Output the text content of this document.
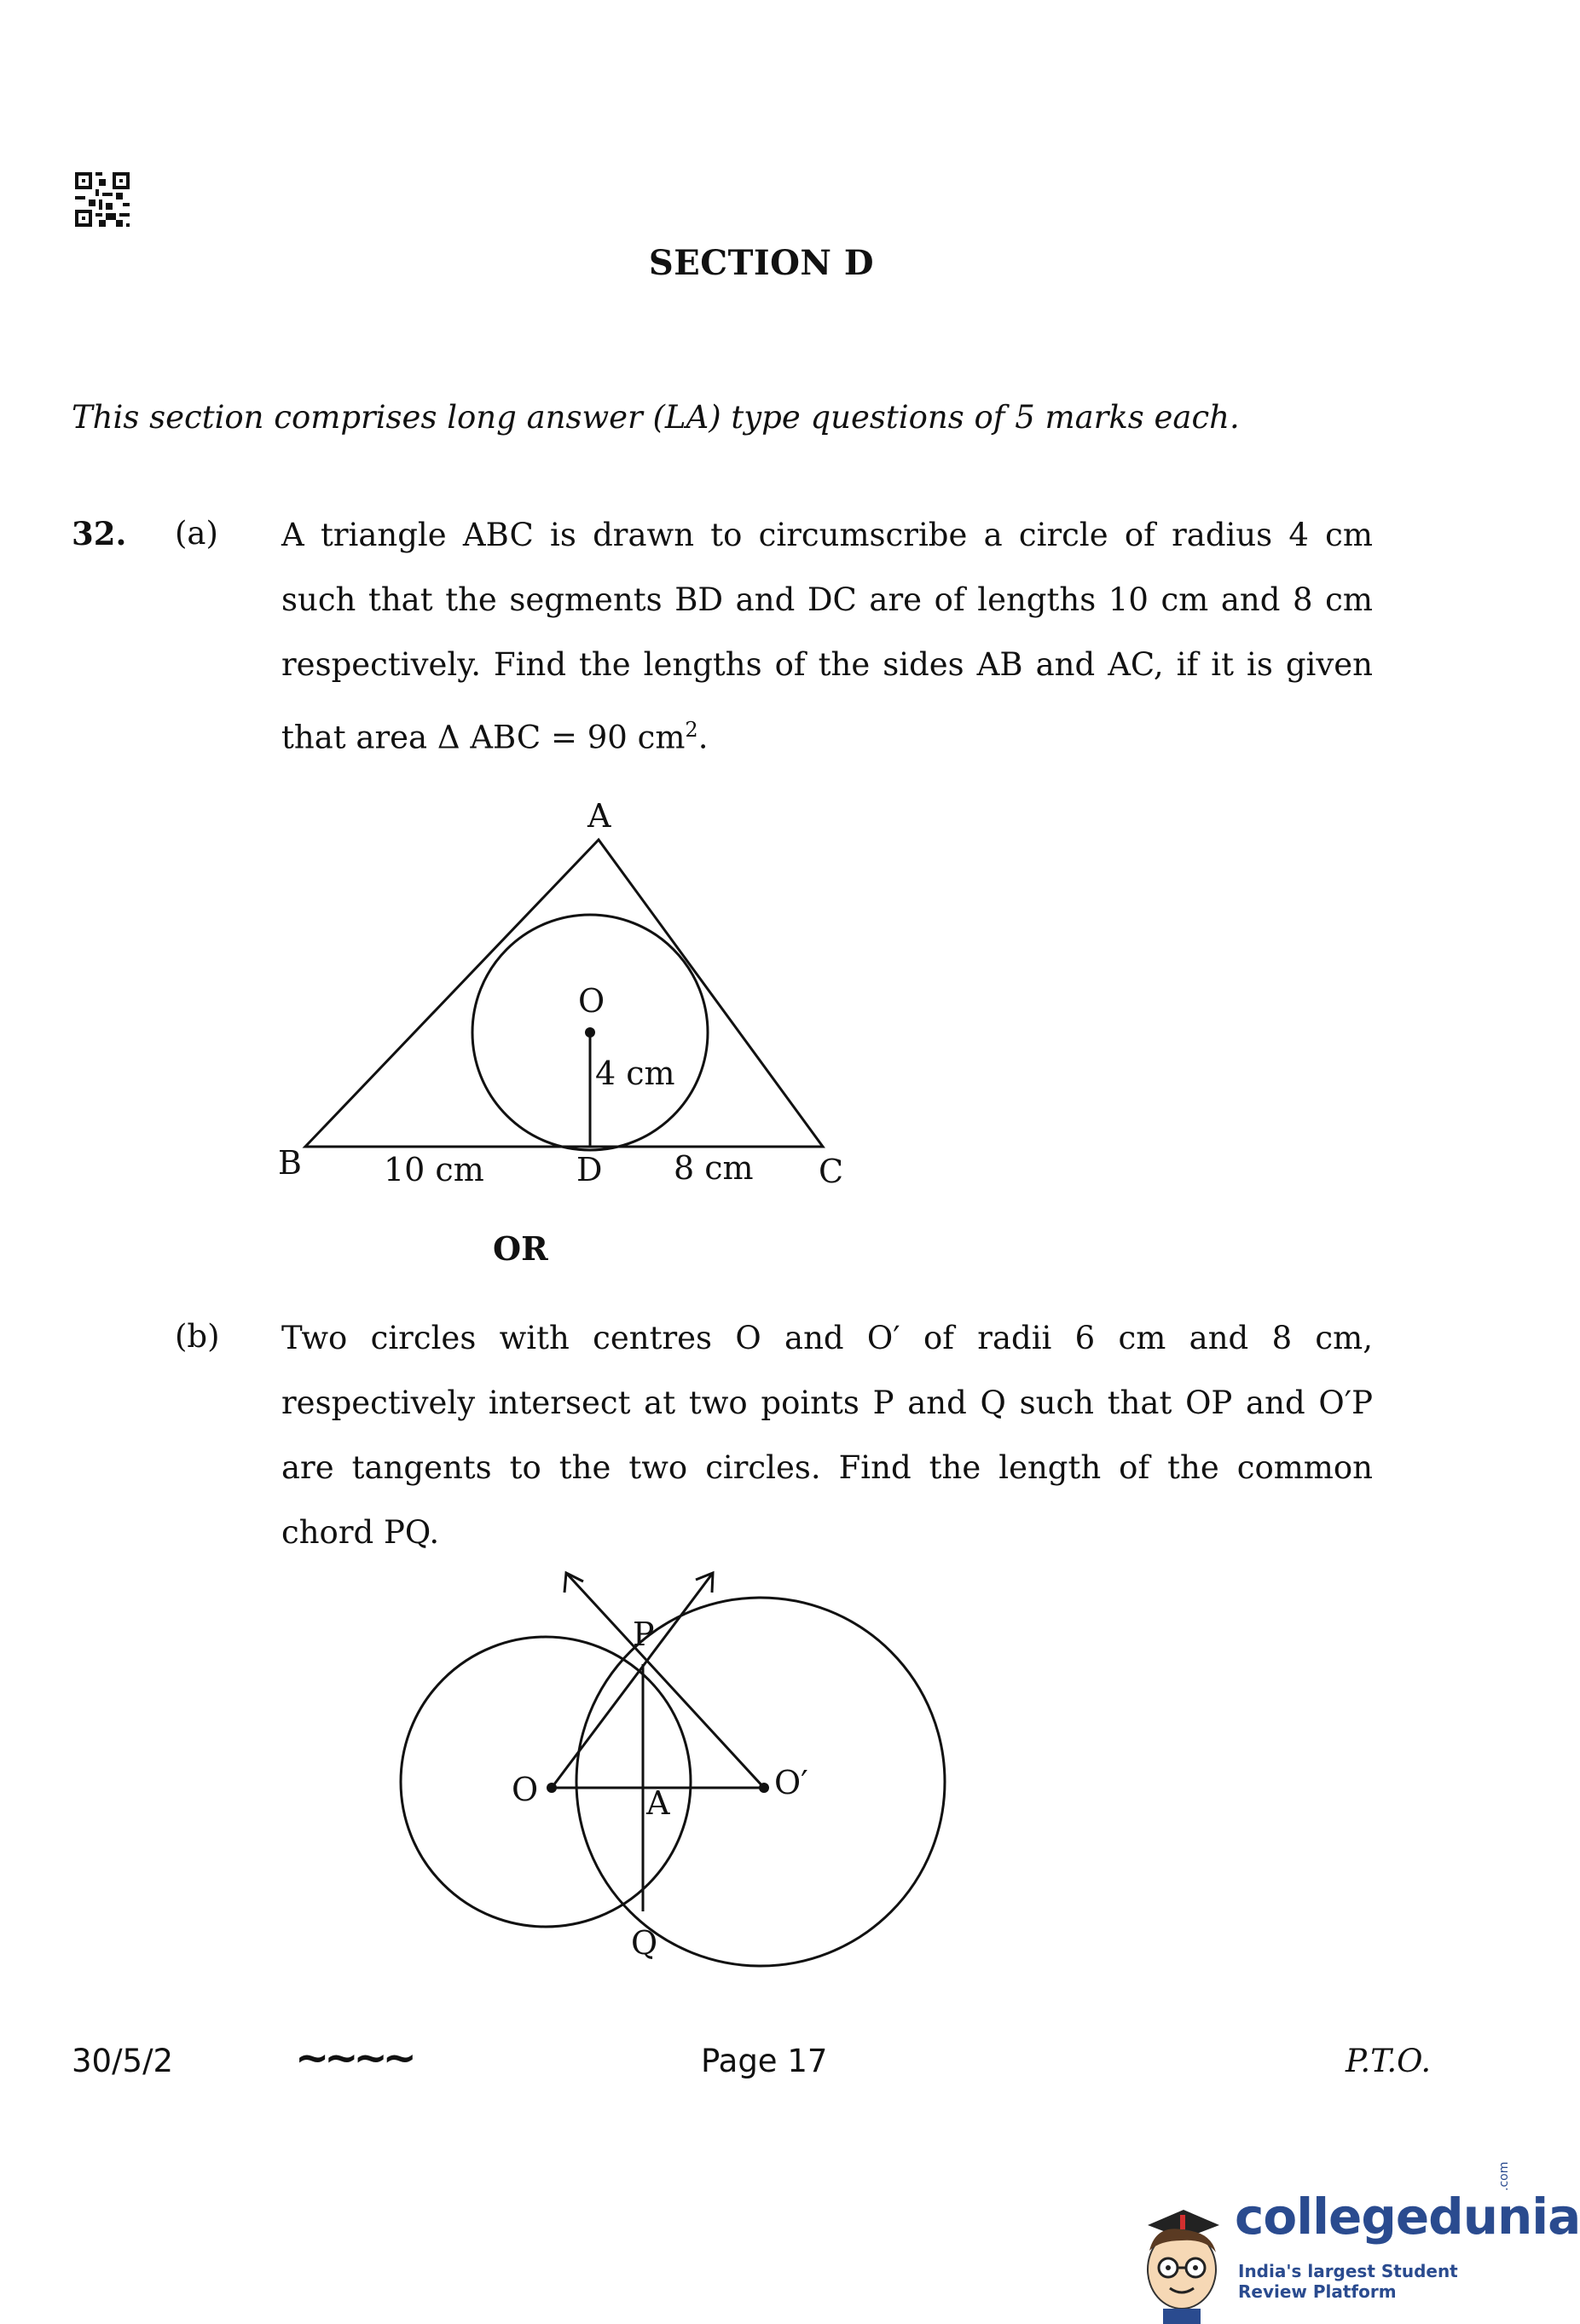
SECTION D
This section comprises long answer (LA) type questions of 5 marks each.
32. (a) A triangle ABC is drawn to circumscribe a circle of radius 4 cm such that the segments BD and DC are of lengths 10 cm and 8 cm respectively. Find the lengths of the sides AB and AC, if it is given that area Δ ABC = 90 $cm^2$.
A
O
4 cm
B	10 cm	D 8 cm C
OR
(b) Two circles with centres O and O′ of radii 6 cm and 8 cm, respectively intersect at two points P and Q such that OP and O′P are tangents to the two circles. Find the length of the common chord PQ.
P
O	A
O′
Q
30/5/2	~~~~	Page 17	P.T.O.
collegedunia
.com
India's largest Student Review Platform
